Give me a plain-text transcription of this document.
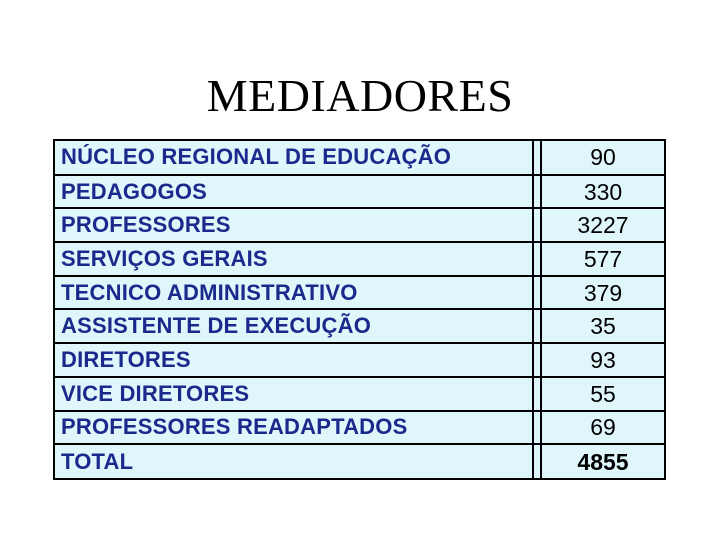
MEDIADORES
NÚCLEO REGIONAL DE EDUCAÇÃO		90
PEDAGOGOS		330
PROFESSORES		3227
SERVIÇOS GERAIS		577
TECNICO ADMINISTRATIVO		379
ASSISTENTE DE EXECUÇÃO		35
DIRETORES		93
VICE DIRETORES		55
PROFESSORES READAPTADOS		69
TOTAL		4855
